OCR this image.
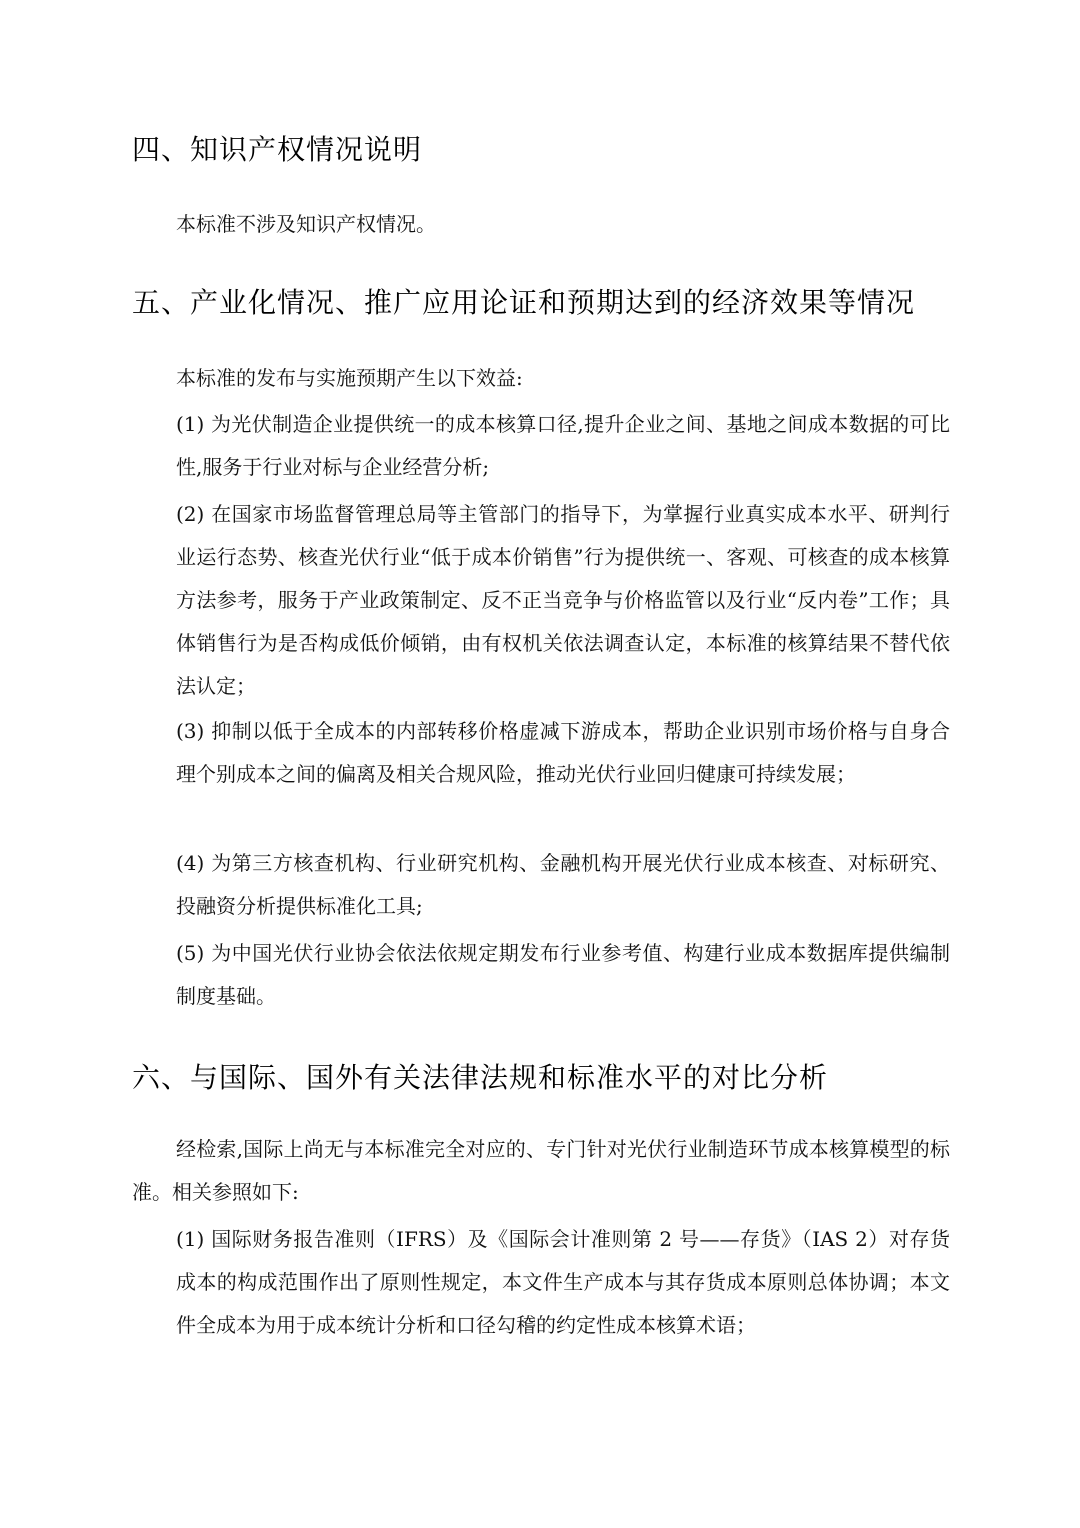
四、知识产权情况说明

本标准不涉及知识产权情况。

五、产业化情况、推广应用论证和预期达到的经济效果等情况

本标准的发布与实施预期产生以下效益:

(1) 为光伏制造企业提供统一的成本核算口径,提升企业之间、基地之间成本数据的可比性,服务于行业对标与企业经营分析;

(2) 在国家市场监督管理总局等主管部门的指导下，为掌握行业真实成本水平、研判行业运行态势、核查光伏行业“低于成本价销售”行为提供统一、客观、可核查的成本核算方法参考，服务于产业政策制定、反不正当竞争与价格监管以及行业“反内卷”工作；具体销售行为是否构成低价倾销，由有权机关依法调查认定，本标准的核算结果不替代依法认定；

(3) 抑制以低于全成本的内部转移价格虚减下游成本，帮助企业识别市场价格与自身合理个别成本之间的偏离及相关合规风险，推动光伏行业回归健康可持续发展；

(4) 为第三方核查机构、行业研究机构、金融机构开展光伏行业成本核查、对标研究、投融资分析提供标准化工具;

(5) 为中国光伏行业协会依法依规定期发布行业参考值、构建行业成本数据库提供编制制度基础。

六、与国际、国外有关法律法规和标准水平的对比分析

经检索,国际上尚无与本标准完全对应的、专门针对光伏行业制造环节成本核算模型的标准。相关参照如下:

(1) 国际财务报告准则（IFRS）及《国际会计准则第 2 号——存货》（IAS 2）对存货成本的构成范围作出了原则性规定，本文件生产成本与其存货成本原则总体协调；本文件全成本为用于成本统计分析和口径勾稽的约定性成本核算术语；
